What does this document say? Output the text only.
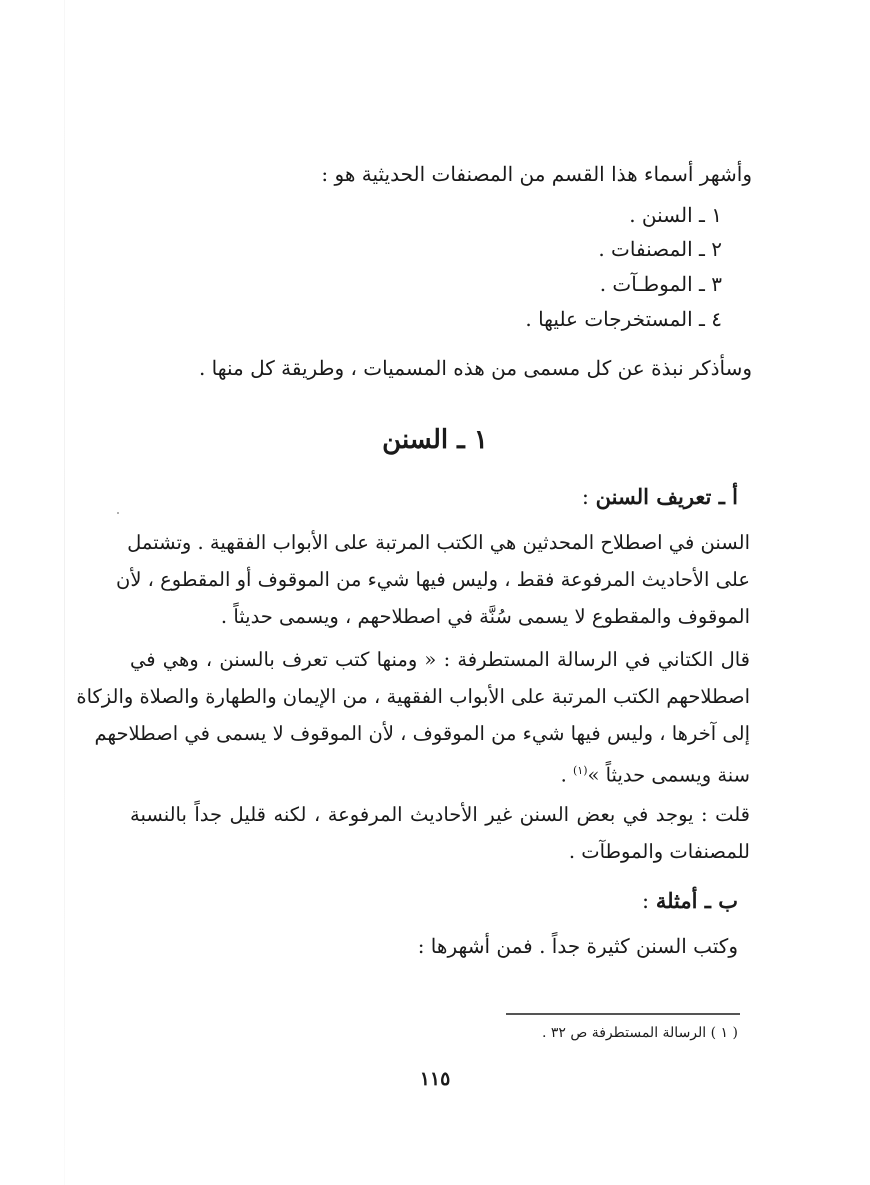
وأشهر أسماء هذا القسم من المصنفات الحديثية هو :
١ ـ السنن .
٢ ـ المصنفات .
٣ ـ الموطـآت .
٤ ـ المستخرجات عليها .
وسأذكر نبذة عن كل مسمى من هذه المسميات ، وطريقة كل منها .
١ ـ السنن
أ ـ تعريف السنن :
السنن في اصطلاح المحدثين هي الكتب المرتبة على الأبواب الفقهية . وتشتمل
على الأحاديث المرفوعة فقط ، وليس فيها شيء من الموقوف أو المقطوع ، لأن
الموقوف والمقطوع لا يسمى سُنَّة في اصطلاحهم ، ويسمى حديثاً .
قال الكتاني في الرسالة المستطرفة : « ومنها كتب تعرف بالسنن ، وهي في
اصطلاحهم الكتب المرتبة على الأبواب الفقهية ، من الإيمان والطهارة والصلاة والزكاة
إلى آخرها ، وليس فيها شيء من الموقوف ، لأن الموقوف لا يسمى في اصطلاحهم
سنة ويسمى حديثاً »$^{(١)}$ .
قلت : يوجد في بعض السنن غير الأحاديث المرفوعة ، لكنه قليل جداً بالنسبة
للمصنفات والموطآت .
ب ـ أمثلة :
وكتب السنن كثيرة جداً . فمن أشهرها :
( ١ ) الرسالة المستطرفة ص ٣٢ .
١١٥
